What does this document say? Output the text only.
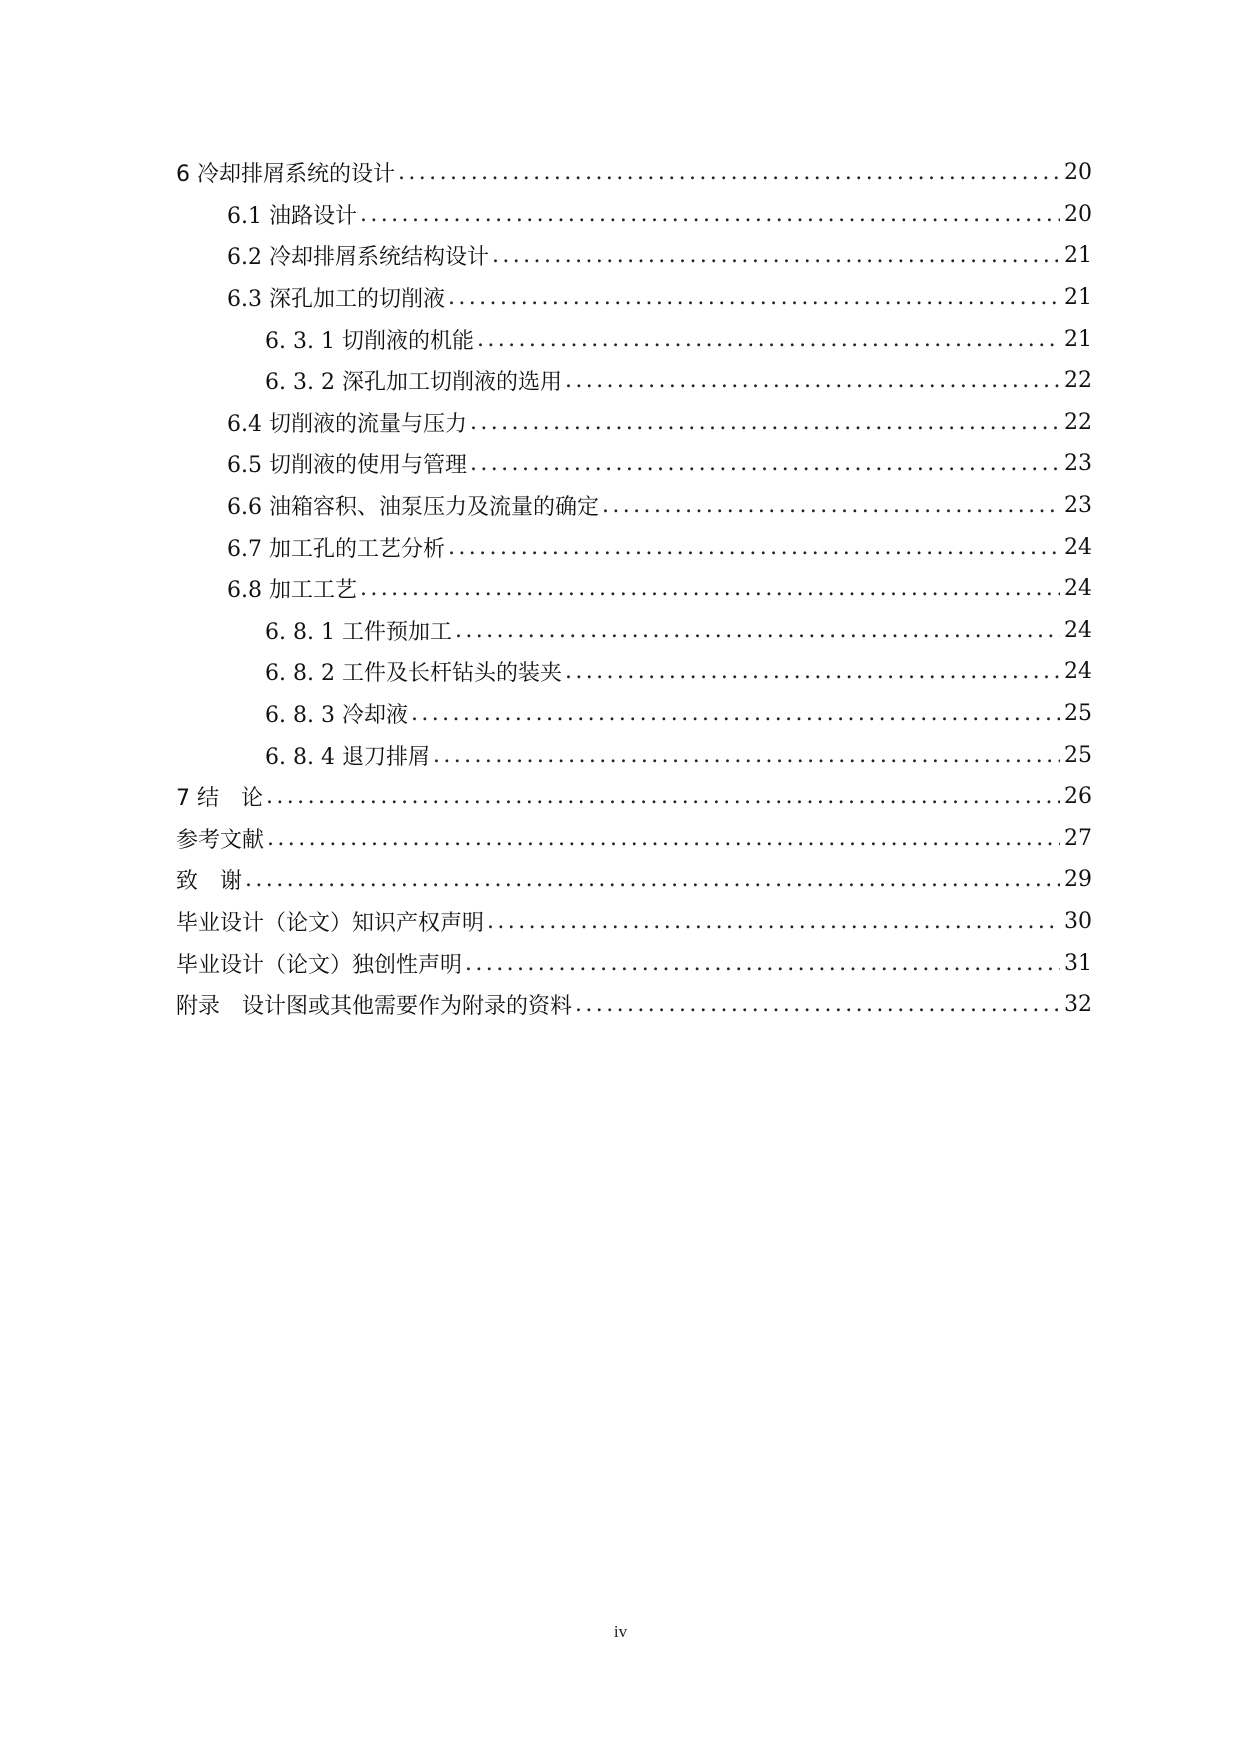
6 冷却排屑系统的设计 .....	20
6.1 油路设计 .....	20
6.2 冷却排屑系统结构设计 .....	21
6.3 深孔加工的切削液 .....	21
6. 3. 1 切削液的机能 .....	21
6. 3. 2 深孔加工切削液的选用 .....	22
6.4 切削液的流量与压力 .....	22
6.5 切削液的使用与管理 .....	23
6.6 油箱容积、油泵压力及流量的确定 .....	23
6.7 加工孔的工艺分析 .....	24
6.8 加工工艺 .....	24
6. 8. 1 工件预加工 .....	24
6. 8. 2 工件及长杆钻头的装夹 .....	24
6. 8. 3 冷却液 .....	25
6. 8. 4 退刀排屑 .....	25
7 结　论 .....	26
参考文献 .....	27
致　谢 .....	29
毕业设计（论文）知识产权声明 .....	30
毕业设计（论文）独创性声明 .....	31
附录　设计图或其他需要作为附录的资料 .....	32
iv
